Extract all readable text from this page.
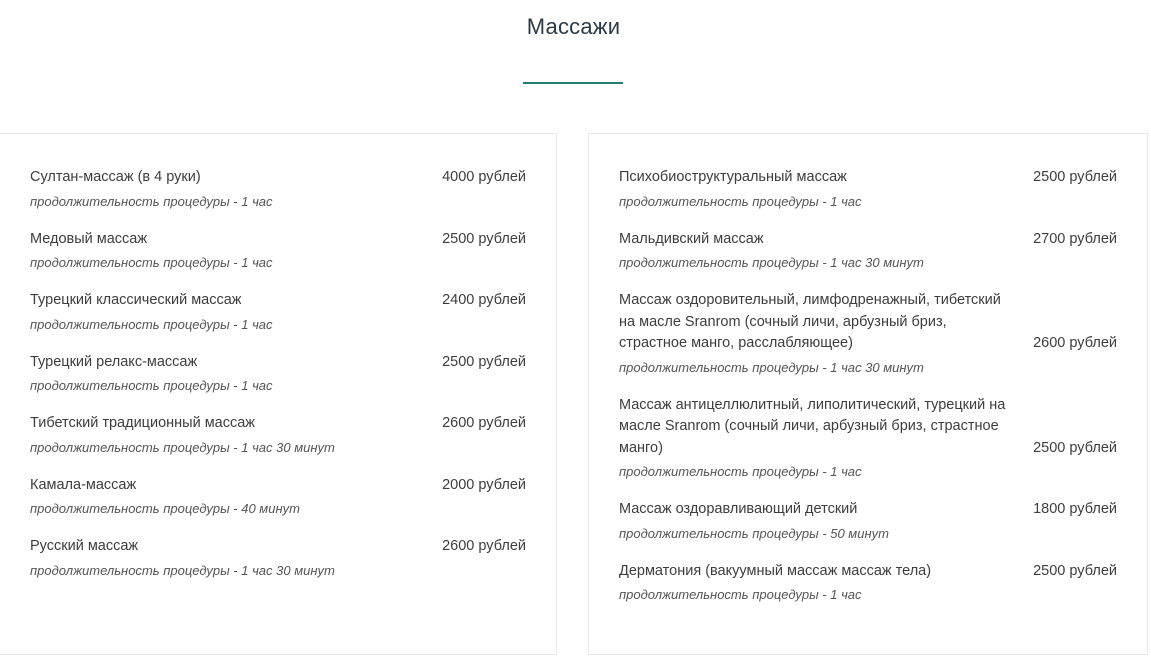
Массажи
Султан-массаж (в 4 руки)	4000 рублей
продолжительность процедуры - 1 час
Медовый массаж	2500 рублей
продолжительность процедуры - 1 час
Турецкий классический массаж	2400 рублей
продолжительность процедуры - 1 час
Турецкий релакс-массаж	2500 рублей
продолжительность процедуры - 1 час
Тибетский традиционный массаж	2600 рублей
продолжительность процедуры - 1 час 30 минут
Камала-массаж	2000 рублей
продолжительность процедуры - 40 минут
Русский массаж	2600 рублей
продолжительность процедуры - 1 час 30 минут
Психобиоструктуральный массаж	2500 рублей
продолжительность процедуры - 1 час
Мальдивский массаж	2700 рублей
продолжительность процедуры - 1 час 30 минут
Массаж оздоровительный, лимфодренажный, тибетский на масле Sranrom (сочный личи, арбузный бриз, страстное манго, расслабляющее)	2600 рублей
продолжительность процедуры - 1 час 30 минут
Массаж антицеллюлитный, липолитический, турецкий на масле Sranrom (сочный личи, арбузный бриз, страстное манго)	2500 рублей
продолжительность процедуры - 1 час
Массаж оздоравливающий детский	1800 рублей
продолжительность процедуры - 50 минут
Дерматония (вакуумный массаж массаж тела)	2500 рублей
продолжительность процедуры - 1 час
